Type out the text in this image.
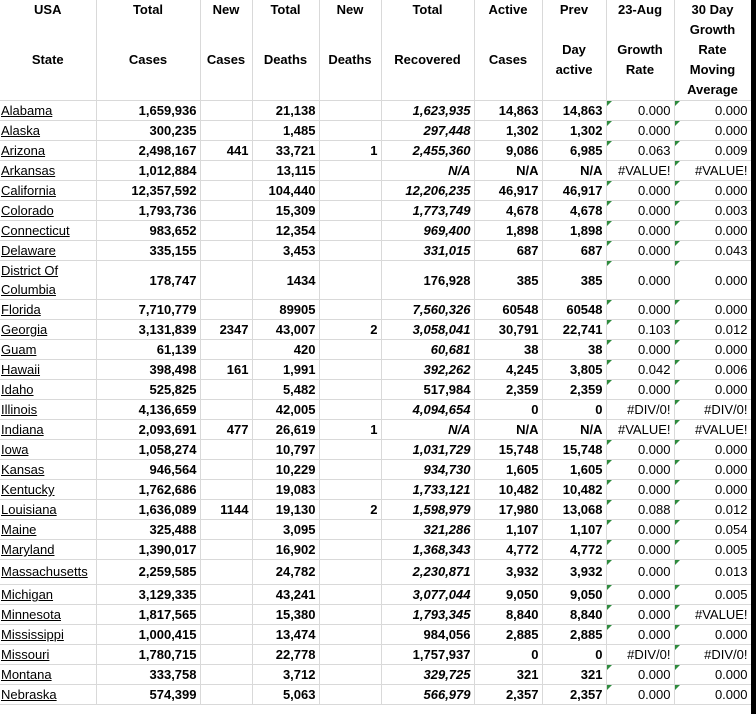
USA	Total	New	Total	New	Total	Active	Prev	23-Aug	30 Day
State	Cases	Cases	Deaths	Deaths	Recovered	Cases	Day active	Growth Rate	Growth Rate Moving Average
Alabama	1,659,936		21,138		1,623,935	14,863	14,863	0.000	0.000
Alaska	300,235		1,485		297,448	1,302	1,302	0.000	0.000
Arizona	2,498,167	441	33,721	1	2,455,360	9,086	6,985	0.063	0.009
Arkansas	1,012,884		13,115		N/A	N/A	N/A	#VALUE!	#VALUE!
California	12,357,592		104,440		12,206,235	46,917	46,917	0.000	0.000
Colorado	1,793,736		15,309		1,773,749	4,678	4,678	0.000	0.003
Connecticut	983,652		12,354		969,400	1,898	1,898	0.000	0.000
Delaware	335,155		3,453		331,015	687	687	0.000	0.043
District Of Columbia	178,747		1434		176,928	385	385	0.000	0.000
Florida	7,710,779		89905		7,560,326	60548	60548	0.000	0.000
Georgia	3,131,839	2347	43,007	2	3,058,041	30,791	22,741	0.103	0.012
Guam	61,139		420		60,681	38	38	0.000	0.000
Hawaii	398,498	161	1,991		392,262	4,245	3,805	0.042	0.006
Idaho	525,825		5,482		517,984	2,359	2,359	0.000	0.000
Illinois	4,136,659		42,005		4,094,654	0	0	#DIV/0!	#DIV/0!
Indiana	2,093,691	477	26,619	1	N/A	N/A	N/A	#VALUE!	#VALUE!
Iowa	1,058,274		10,797		1,031,729	15,748	15,748	0.000	0.000
Kansas	946,564		10,229		934,730	1,605	1,605	0.000	0.000
Kentucky	1,762,686		19,083		1,733,121	10,482	10,482	0.000	0.000
Louisiana	1,636,089	1144	19,130	2	1,598,979	17,980	13,068	0.088	0.012
Maine	325,488		3,095		321,286	1,107	1,107	0.000	0.054
Maryland	1,390,017		16,902		1,368,343	4,772	4,772	0.000	0.005
Massachusetts	2,259,585		24,782		2,230,871	3,932	3,932	0.000	0.013
Michigan	3,129,335		43,241		3,077,044	9,050	9,050	0.000	0.005
Minnesota	1,817,565		15,380		1,793,345	8,840	8,840	0.000	#VALUE!
Mississippi	1,000,415		13,474		984,056	2,885	2,885	0.000	0.000
Missouri	1,780,715		22,778		1,757,937	0	0	#DIV/0!	#DIV/0!
Montana	333,758		3,712		329,725	321	321	0.000	0.000
Nebraska	574,399		5,063		566,979	2,357	2,357	0.000	0.000
